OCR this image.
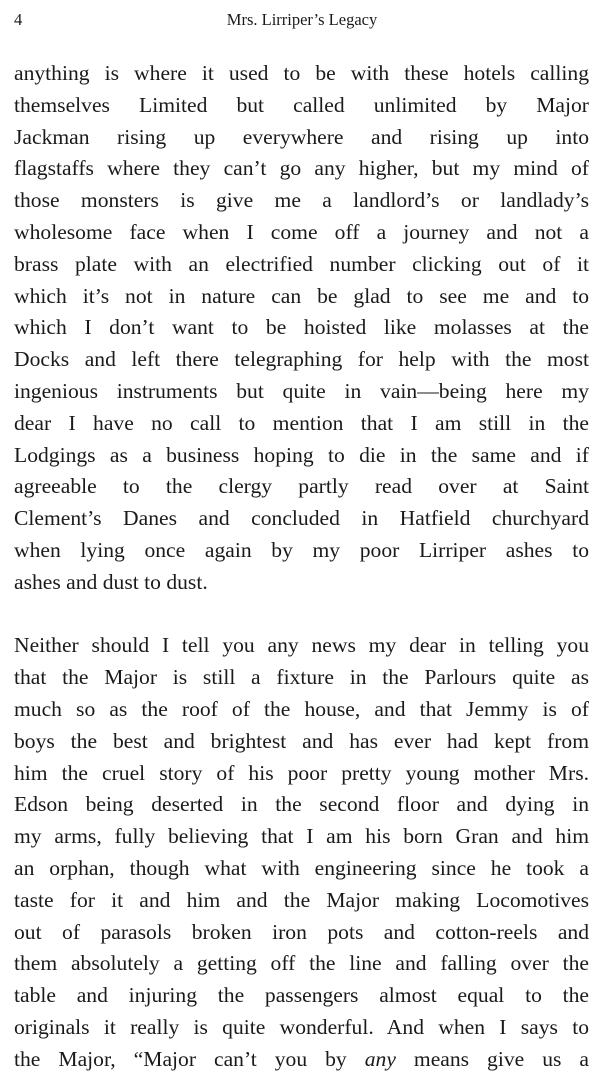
4	Mrs. Lirriper’s Legacy

anything is where it used to be with these hotels calling
themselves Limited but called unlimited by Major
Jackman rising up everywhere and rising up into
flagstaffs where they can’t go any higher, but my mind of
those monsters is give me a landlord’s or landlady’s
wholesome face when I come off a journey and not a
brass plate with an electrified number clicking out of it
which it’s not in nature can be glad to see me and to
which I don’t want to be hoisted like molasses at the
Docks and left there telegraphing for help with the most
ingenious instruments but quite in vain—being here my
dear I have no call to mention that I am still in the
Lodgings as a business hoping to die in the same and if
agreeable to the clergy partly read over at Saint
Clement’s Danes and concluded in Hatfield churchyard
when lying once again by my poor Lirriper ashes to
ashes and dust to dust.

Neither should I tell you any news my dear in telling you
that the Major is still a fixture in the Parlours quite as
much so as the roof of the house, and that Jemmy is of
boys the best and brightest and has ever had kept from
him the cruel story of his poor pretty young mother Mrs.
Edson being deserted in the second floor and dying in
my arms, fully believing that I am his born Gran and him
an orphan, though what with engineering since he took a
taste for it and him and the Major making Locomotives
out of parasols broken iron pots and cotton-reels and
them absolutely a getting off the line and falling over the
table and injuring the passengers almost equal to the
originals it really is quite wonderful. And when I says to
the Major, “Major can’t you by any means give us a
